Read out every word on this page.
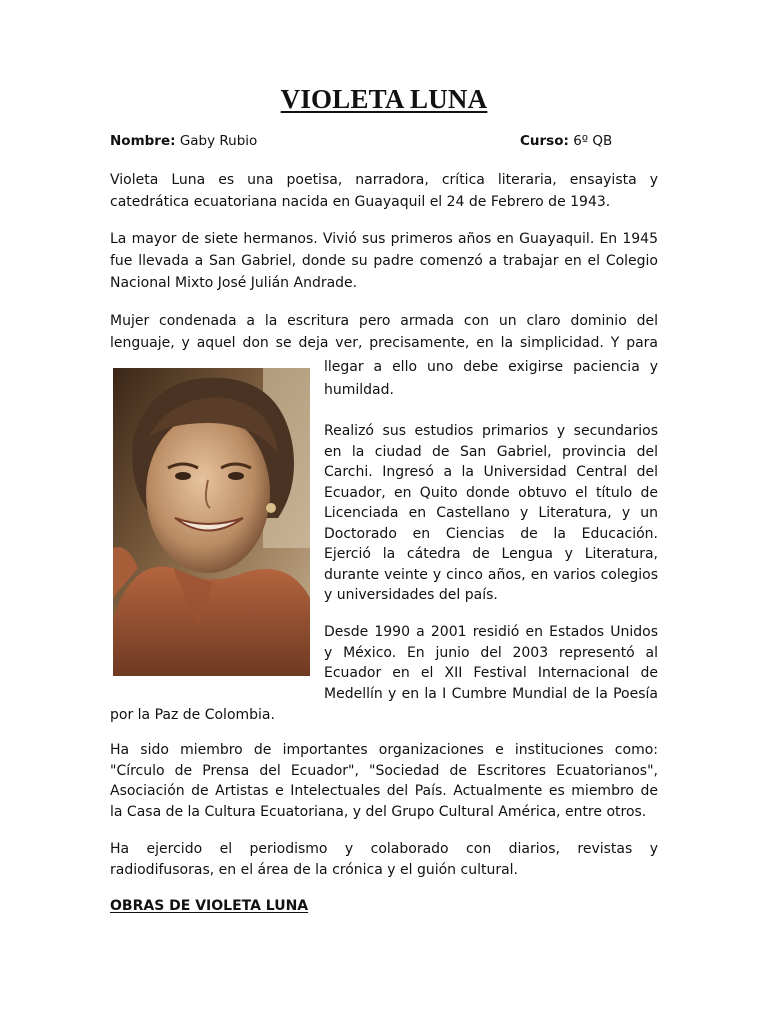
VIOLETA LUNA
Nombre: Gaby Rubio	Curso: 6º QB
Violeta Luna es una poetisa, narradora, crítica literaria, ensayista y
catedrática ecuatoriana nacida en Guayaquil el 24 de Febrero de 1943.
La mayor de siete hermanos. Vivió sus primeros años en Guayaquil. En 1945
fue llevada a San Gabriel, donde su padre comenzó a trabajar en el Colegio
Nacional Mixto José Julián Andrade.
Mujer condenada a la escritura pero armada con un claro dominio del
lenguaje, y aquel don se deja ver, precisamente, en la simplicidad. Y para
llegar a ello uno debe exigirse paciencia y
humildad.
Realizó sus estudios primarios y secundarios
en la ciudad de San Gabriel, provincia del
Carchi. Ingresó a la Universidad Central del
Ecuador, en Quito donde obtuvo el título de
Licenciada en Castellano y Literatura, y un
Doctorado en Ciencias de la Educación.
Ejerció la cátedra de Lengua y Literatura,
durante veinte y cinco años, en varios colegios
y universidades del país.
Desde 1990 a 2001 residió en Estados Unidos
y México. En junio del 2003 representó al
Ecuador en el XII Festival Internacional de
Medellín y en la I Cumbre Mundial de la Poesía
por la Paz de Colombia.
Ha sido miembro de importantes organizaciones e instituciones como:
"Círculo de Prensa del Ecuador", "Sociedad de Escritores Ecuatorianos",
Asociación de Artistas e Intelectuales del País. Actualmente es miembro de
la Casa de la Cultura Ecuatoriana, y del Grupo Cultural América, entre otros.
Ha ejercido el periodismo y colaborado con diarios, revistas y
radiodifusoras, en el área de la crónica y el guión cultural.
OBRAS DE VIOLETA LUNA
